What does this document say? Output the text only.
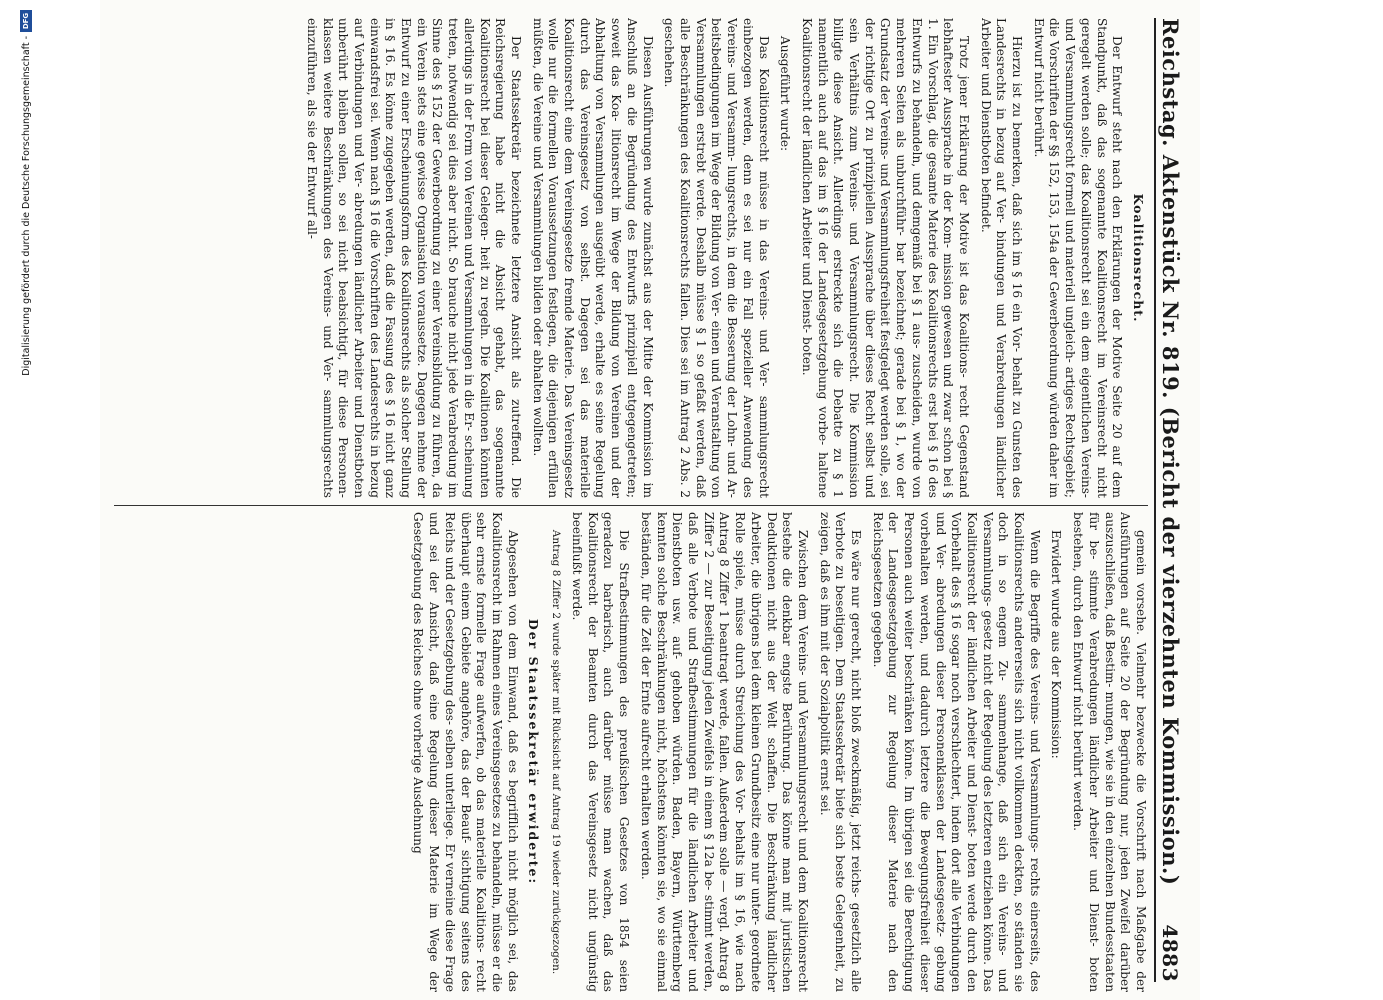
Reichstag. Aktenstück Nr. 819. (Bericht der vierzehnten Kommission.)
4883
Koalitionsrecht.

Der Entwurf steht nach den Erklärungen der Motive Seite 20 auf dem Standpunkt, daß das sogenannte Koalitionsrecht im Vereinsrecht nicht geregelt werden solle; das Koalitionsrecht sei ein dem eigentlichen Vereins- und Versammlungsrecht formell und materiell ungleich- artiges Rechtsgebiet; die Vorschriften der §§ 152, 153, 154a der Gewerbeordnung würden daher im Entwurf nicht berührt.

Hierzu ist zu bemerken, daß sich im § 16 ein Vor- behalt zu Gunsten des Landesrechts in bezug auf Ver- bindungen und Verabredungen ländlicher Arbeiter und Dienstboten befindet.

Trotz jener Erklärung der Motive ist das Koalitions- recht Gegenstand lebhaftester Aussprache in der Kom- mission gewesen und zwar schon bei § 1. Ein Vorschlag, die gesamte Materie des Koalitionsrechts erst bei § 16 des Entwurfs zu behandeln, und demgemäß bei § 1 aus- zuscheiden, wurde von mehreren Seiten als unburchführ- bar bezeichnet; gerade bei § 1, wo der Grundsatz der Vereins- und Versammlungsfreiheit festgelegt werden solle, sei der richtige Ort zu prinzipiellen Aussprache über dieses Recht selbst und sein Verhältnis zum Vereins- und Versammlungsrecht. Die Kommission billigte diese Ansicht. Allerdings erstreckte sich die Debatte zu § 1 namentlich auch auf das im § 16 der Landesgesetzgebung vorbe- haltene Koalitionsrecht der ländlichen Arbeiter und Dienst- boten.

Ausgeführt wurde:

Das Koalitionsrecht müsse in das Vereins- und Ver- sammlungsrecht einbezogen werden, denn es sei nur ein Fall spezieller Anwendung des Vereins- und Versamm- lungsrechts, in dem die Besserung der Lohn- und Ar- beitsbedingungen im Wege der Bildung von Ver- einen und Veranstaltung von Versammlungen erstrebt werde. Deshalb müsse § 1 so gefaßt werden, daß alle Beschränkungen des Koalitionsrechts fallen. Dies sei im Antrag 2 Abs. 2 geschehen.

Diesen Ausführungen wurde zunächst aus der Mitte der Kommission im Anschluß an die Begründung des Entwurfs prinzipiell entgegengetreten; soweit das Koa- litionsrecht im Wege der Bildung von Vereinen und der Abhaltung von Versammlungen ausgeübt werde, erhalte es seine Regelung durch das Vereinsgesetz von selbst. Dagegen sei das materielle Koalitionsrecht eine dem Vereinsgesetze fremde Materie. Das Vereinsgesetz wolle nur die formellen Voraussetzungen festlegen, die diejenigen erfüllen müßten, die Vereine und Versammlungen bilden oder abhalten wollten.

Der Staatssekretär bezeichnete letztere Ansicht als zutreffend. Die Reichsregierung habe nicht die Absicht gehabt, das sogenannte Koalitionsrecht bei dieser Gelegen- heit zu regeln. Die Koalitionen könnten allerdings in der Form von Vereinen und Versammlungen in die Er- scheinung treten, notwendig sei dies aber nicht. So brauche nicht jede Verabredung im Sinne des § 152 der Gewerbeordnung zu einer Vereinsbildung zu führen, da ein Verein stets eine gewisse Organisation voraussetze. Dagegen nehme der Entwurf zu einer Erscheinungsform des Koalitionsrechts als solcher Stellung in § 16. Es könne zugegeben werden, daß die Fassung des § 16 nicht ganz einwandsfrei sei. Wenn nach § 16 die Vorschriften des Landesrechts in bezug auf Verbindungen und Ver- abredungen ländlicher Arbeiter und Dienstboten unberührt bleiben sollen, so sei nicht beabsichtigt, für diese Personen- klassen weitere Beschränkungen des Vereins- und Ver- sammlungsrechts einzuführen, als sie der Entwurf all-

gemein vorsehe. Vielmehr bezwecke die Vorschrift nach Maßgabe der Ausführungen auf Seite 20 der Begründung nur, jeden Zweifel darüber auszuschließen, daß Bestim- mungen, wie sie in den einzelnen Bundesstaaten für be- stimmte Verabredungen ländlicher Arbeiter und Dienst- boten bestehen, durch den Entwurf nicht berührt werden.

Erwidert wurde aus der Kommission:

Wenn die Begriffe des Vereins- und Versammlungs- rechts einerseits, des Koalitionsrechts andererseits sich nicht vollkommen deckten, so ständen sie doch in so engem Zu- sammenhange, daß sich ein Vereins- und Versammlungs- gesetz nicht der Regelung des letzteren entziehen könne. Das Koalitionsrecht der ländlichen Arbeiter und Dienst- boten werde durch den Vorbehalt des § 16 sogar noch verschlechtert, indem dort alle Verbindungen und Ver- abredungen dieser Personenklassen der Landesgesetz- gebung vorbehalten werden, und dadurch letztere die Bewegungsfreiheit dieser Personen auch weiter beschränken könne. Im übrigen sei die Berechtigung der Landesgesetzgebung zur Regelung dieser Materie nach den Reichsgesetzen gegeben.

Es wäre nur gerecht, nicht bloß zweckmäßig, jetzt reichs- gesetzlich alle Verbote zu beseitigen. Dem Staatssekretär biete sich beste Gelegenheit, zu zeigen, daß es ihm mit der Sozialpolitik ernst sei.

Zwischen dem Vereins- und Versammlungsrecht und dem Koalitionsrecht bestehe die denkbar engste Berührung. Das könne man mit juristischen Deduktionen nicht aus der Welt schaffen. Die Beschränkung ländlicher Arbeiter, die übrigens bei dem kleinen Grundbesitz eine nur unter- geordnete Rolle spiele, müsse durch Streichung des Vor- behalts im § 16, wie nach Antrag 8 Ziffer 1 beantragt werde, fallen. Außerdem solle — vergl. Antrag 8 Ziffer 2 — zur Beseitigung jeden Zweifels in einem § 12a be- stimmt werden, daß alle Verbote und Strafbestimmungen für die ländlichen Arbeiter und Dienstboten usw. auf- gehoben würden. Baden, Bayern, Württemberg kennten solche Beschränkungen nicht, höchstens könnten sie, wo sie einmal beständen, für die Zeit der Ernte aufrecht erhalten werden.

Die Strafbestimmungen des preußischen Gesetzes von 1854 seien geradezu barbarisch, auch darüber müsse man wachen, daß das Koalitionsrecht der Beamten durch das Vereinsgesetz nicht ungünstig beeinflußt werde.

Antrag 8 Ziffer 2 wurde später mit Rücksicht auf Antrag 19 wieder zurückgezogen.

Der Staatssekretär erwiderte:

Abgesehen von dem Einwand, daß es begrifflich nicht möglich sei, das Koalitionsrecht im Rahmen eines Vereinsgesetzes zu behandeln, müsse er die sehr ernste formelle Frage aufwerfen, ob das materielle Koalitions- recht überhaupt einem Gebiete angehöre, das der Beauf- sichtigung seitens des Reichs und der Gesetzgebung des- selben unterliege. Er verneine diese Frage und sei der Ansicht, daß eine Regelung dieser Materie im Wege der Gesetzgebung des Reiches ohne vorherige Ausdehnung

Digitalisierung gefördert durch die Deutsche Forschungsgemeinschaft -
DFG
